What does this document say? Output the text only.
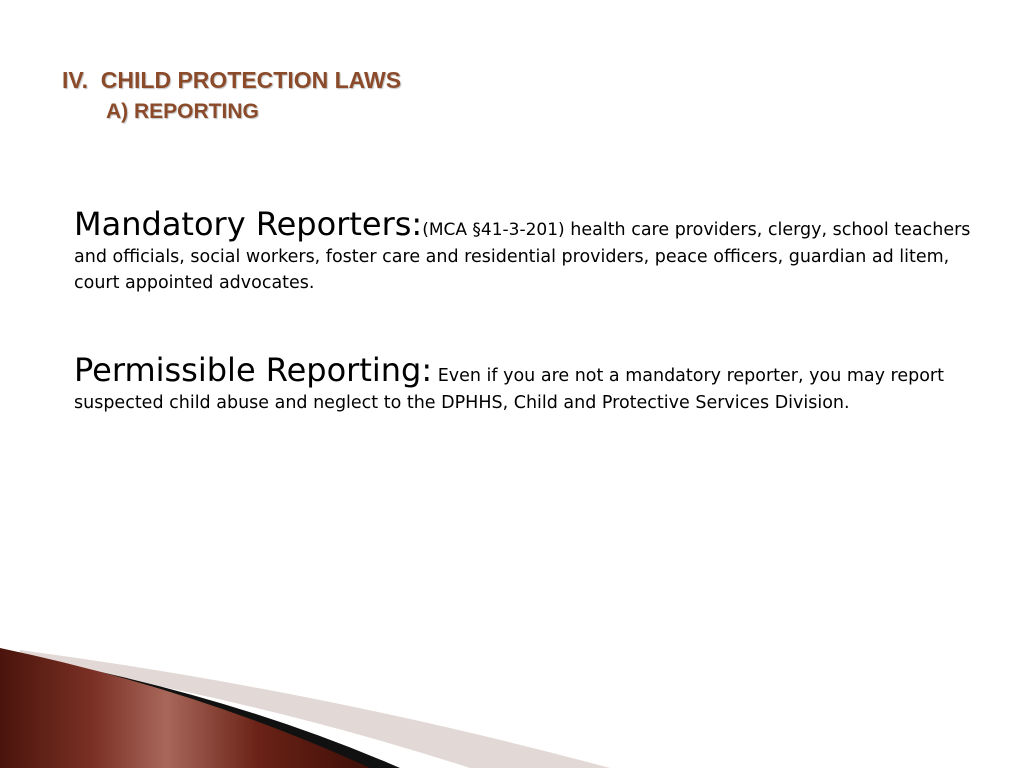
IV.  CHILD PROTECTION LAWS
A) REPORTING

Mandatory Reporters:(MCA §41-3-201) health care providers, clergy, school teachers and officials, social workers, foster care and residential providers, peace officers, guardian ad litem, court appointed advocates.

Permissible Reporting: Even if you are not a mandatory reporter, you may report suspected child abuse and neglect to the DPHHS, Child and Protective Services Division.
